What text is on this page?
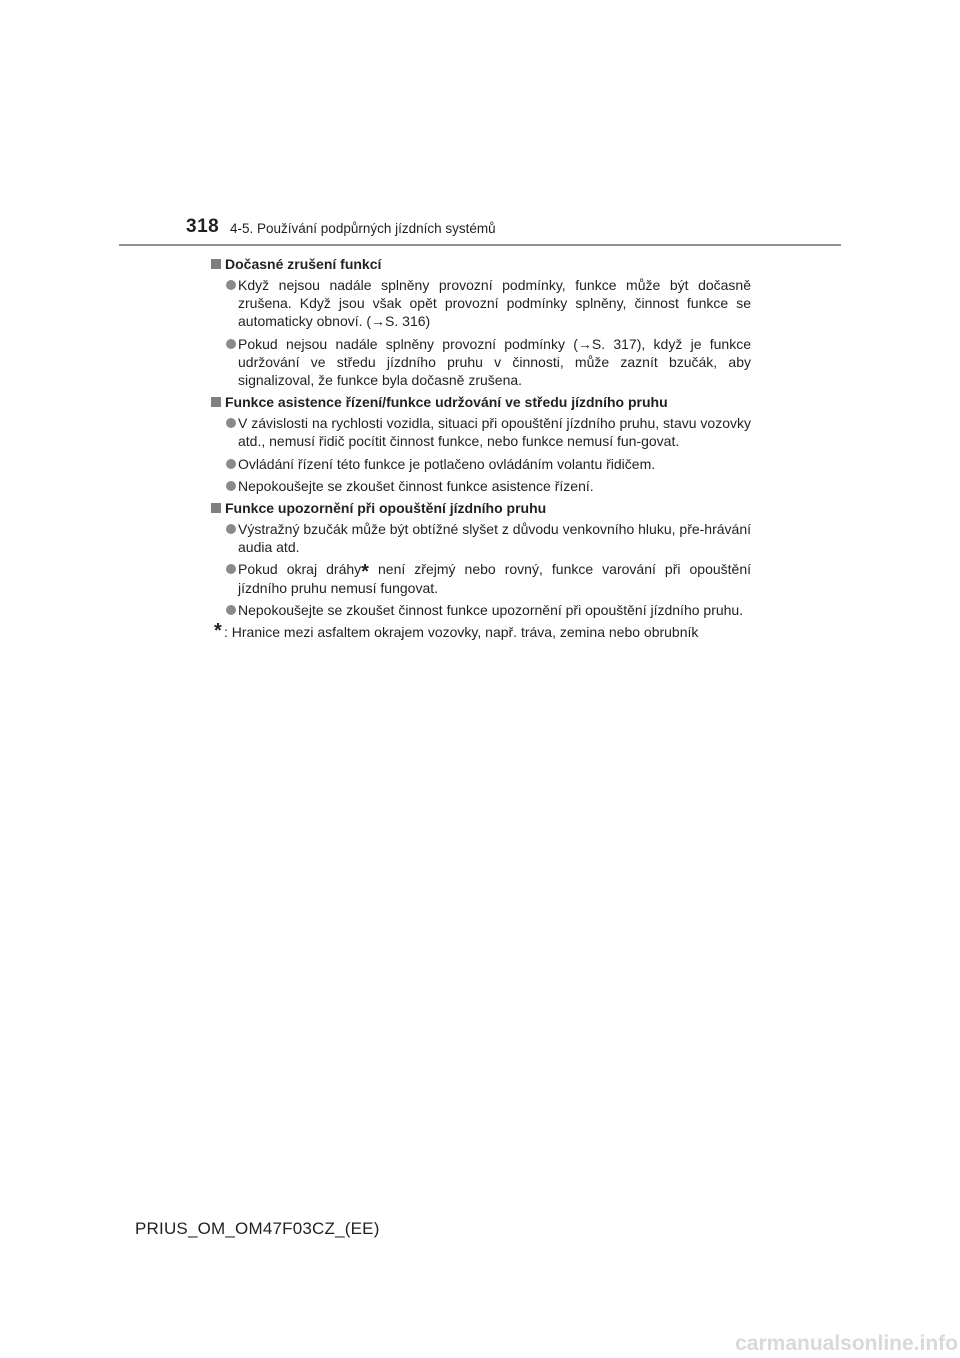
318 4-5. Používání podpůrných jízdních systémů
Dočasné zrušení funkcí
Když nejsou nadále splněny provozní podmínky, funkce může být dočasně zrušena. Když jsou však opět provozní podmínky splněny, činnost funkce se automaticky obnoví. (→S. 316)
Pokud nejsou nadále splněny provozní podmínky (→S. 317), když je funkce udržování ve středu jízdního pruhu v činnosti, může zaznít bzučák, aby signalizoval, že funkce byla dočasně zrušena.
Funkce asistence řízení/funkce udržování ve středu jízdního pruhu
V závislosti na rychlosti vozidla, situaci při opouštění jízdního pruhu, stavu vozovky atd., nemusí řidič pocítit činnost funkce, nebo funkce nemusí fun-govat.
Ovládání řízení této funkce je potlačeno ovládáním volantu řidičem.
Nepokoušejte se zkoušet činnost funkce asistence řízení.
Funkce upozornění při opouštění jízdního pruhu
Výstražný bzučák může být obtížné slyšet z důvodu venkovního hluku, pře-hrávání audia atd.
Pokud okraj dráhy* není zřejmý nebo rovný, funkce varování při opouštění jízdního pruhu nemusí fungovat.
Nepokoušejte se zkoušet činnost funkce upozornění při opouštění jízdního pruhu.
* : Hranice mezi asfaltem okrajem vozovky, např. tráva, zemina nebo obrubník
PRIUS_OM_OM47F03CZ_(EE)
carmanualsonline.info
